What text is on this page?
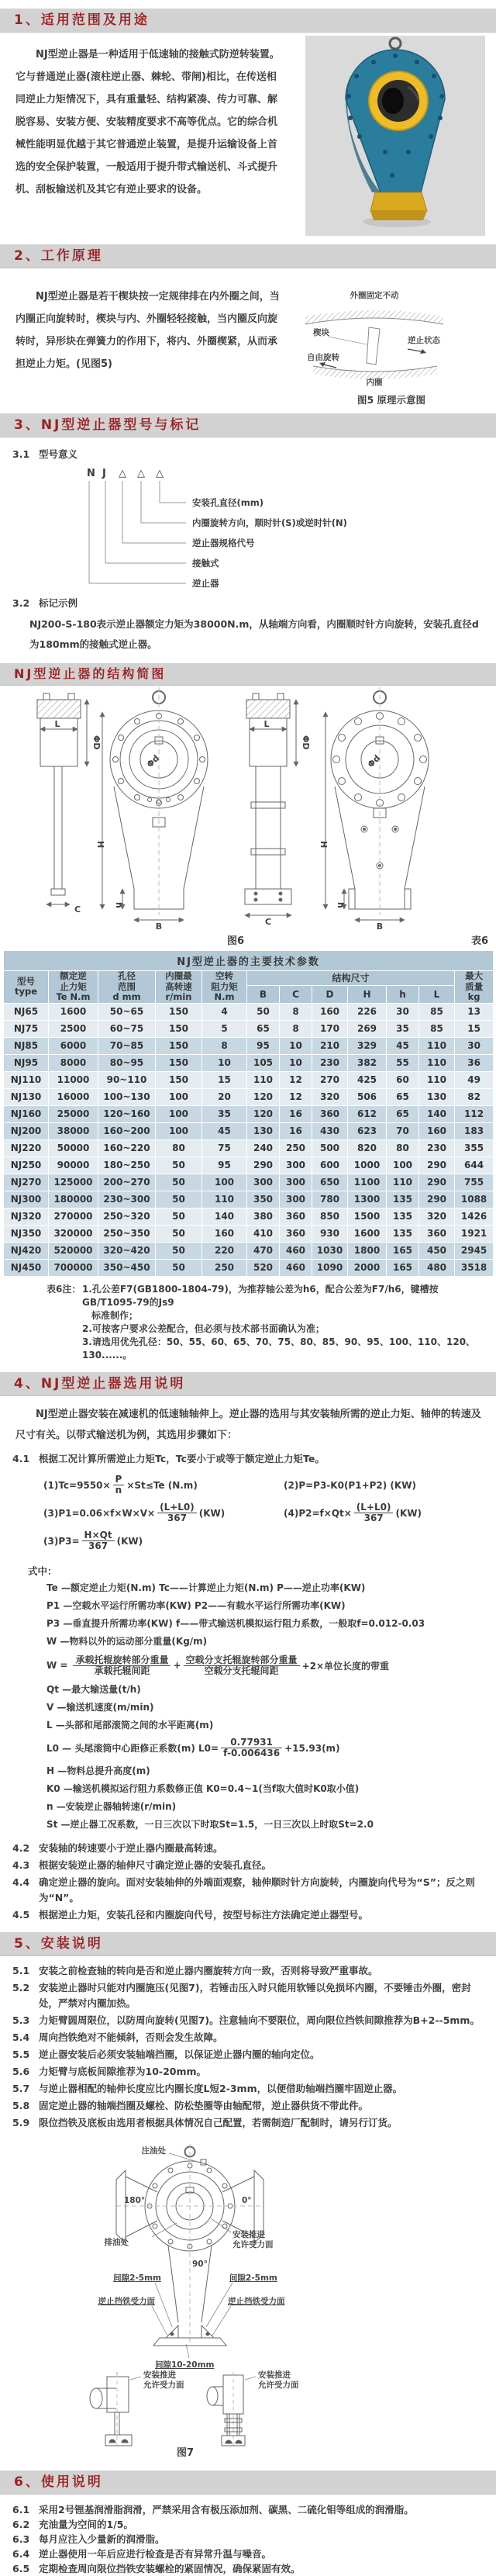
1、适用范围及用途
NJ型逆止器是一种适用于低速轴的接触式防逆转装置。它与普通逆止器(滚柱逆止器、棘轮、带闸)相比，在传送相同逆止力矩情况下，具有重量轻、结构紧凑、传力可靠、解脱容易、安装方便、安装精度要求不高等优点。它的综合机械性能明显优越于其它普通逆止装置，是提升运输设备上首选的安全保护装置，一般适用于提升带式输送机、斗式提升机、刮板输送机及其它有逆止要求的设备。
2、工作原理
NJ型逆止器是若干楔块按一定规律排在内外圈之间，当内圈正向旋转时，楔块与内、外圈轻轻接触，当内圈反向旋转时，异形块在弹簧力的作用下，将内、外圈楔紧，从而承担逆止力矩。(见图5)
外圈固定不动
楔块
自由旋转
逆止状态
内圈
图5 原理示意图
3、NJ型逆止器型号与标记
3.1 型号意义
N J △ △ △
安装孔直径(mm)
内圈旋转方向，顺时针(S)或逆时针(N)
逆止器规格代号
接触式
逆止器
3.2 标记示例
NJ200-S-180表示逆止器额定力矩为38000N.m，从轴端方向看，内圈顺时针方向旋转，安装孔直径d为180mm的接触式逆止器。
NJ型逆止器的结构简图
L
ΦD
C
Φd
H
h
B
L
ΦD
C
Φd
H
h
B
图6	表6
NJ型逆止器的主要技术参数											

型号
type	额定逆
止力矩
Te N.m	孔径
范围
d mm	内圈最
高转速
r/min	空转
阻力矩
N.m	结构尺寸						最大
质量
kg

					B	C	D	H	h	L	
NJ65	1600	50~65	150	4	50	8	160	226	30	85	13
NJ75	2500	60~75	150	5	65	8	170	269	35	85	15
NJ85	6000	70~85	150	8	95	10	210	329	45	110	30
NJ95	8000	80~95	150	10	105	10	230	382	55	110	36
NJ110	11000	90~110	150	15	110	12	270	425	60	110	49
NJ130	16000	100~130	100	20	120	12	320	506	65	130	82
NJ160	25000	120~160	100	35	120	16	360	612	65	140	112
NJ200	38000	160~200	100	45	130	16	430	623	70	160	183
NJ220	50000	160~220	80	75	240	250	500	820	80	230	355
NJ250	90000	180~250	50	95	290	300	600	1000	100	290	644
NJ270	125000	200~270	50	100	300	300	650	1100	110	290	755
NJ300	180000	230~300	50	110	350	300	780	1300	135	290	1088
NJ320	270000	250~320	50	140	380	360	850	1500	135	320	1426
NJ350	320000	250~350	50	160	410	360	930	1600	135	360	1921
NJ420	520000	320~420	50	220	470	460	1030	1800	165	450	2945
NJ450	700000	350~450	50	250	520	460	1090	2000	165	480	3518
表6注： 1.孔公差F7(GB1800-1804-79)，为推荐轴公差为h6，配合公差为F7/h6，键槽按GB/T1095-79的Js9
标准制作；
2.可按客户要求公差配合，但必须与技术部书面确认为准；
3.请选用优先孔径：50、55、60、65、70、75、80、85、90、95、100、110、120、130......。
4、NJ型逆止器选用说明
NJ型逆止器安装在减速机的低速轴轴伸上。逆止器的选用与其安装轴所需的逆止力矩、轴伸的转速及尺寸有关。以带式输送机为例，其选用步骤如下：
4.1 根据工况计算所需逆止力矩Tc，Tc要小于或等于额定逆止力矩Te。
$(1)Tc=9550\times \frac{P}{n} \times St\le Te$ (N.m)	(2)P=P3-K0(P1+P2) (KW)
$(3)P1=0.06\times f\times W\times V\times \frac{(L+L0)}{367} (KW)$	$(4)P2=f\times Qt\times \frac{(L+L0)}{367} (KW)$
$(3)P3= \frac{H\times Qt}{367} (KW)$
式中：
Te —额定逆止力矩(N.m) Tc——计算逆止力矩(N.m) P——逆止功率(KW)
P1 —空载水平运行所需功率(KW) P2——有载水平运行所需功率(KW)
P3 —垂直提升所需功率(KW) f——带式输送机模拟运行阻力系数，一般取f=0.012-0.03
W —物料以外的运动部分重量(Kg/m)
$W = \frac{\text{承载托辊旋转部分重量}}{\text{承载托辊间距}} + \frac{\text{空载分支托辊旋转部分重量}}{\text{空载分支托辊间距}} +2\times$单位长度的带重
Qt —最大输送量(t/h)
V —输送机速度(m/min)
L —头部和尾部滚筒之间的水平距离(m)
L0 — 头尾滚筒中心距修正系数(m) $L0= \frac{0.77931}{f-0.006436} +15.93(m)$
H —物料总提升高度(m)
K0 —输送机模拟运行阻力系数修正值 K0=0.4~1(当f取大值时K0取小值)
n —安装逆止器轴转速(r/min)
St —逆止器工况系数，一日三次以下时取St=1.5，一日三次以上时取St=2.0
4.2 安装轴的转速要小于逆止器内圈最高转速。
4.3 根据安装逆止器的轴伸尺寸确定逆止器的安装孔直径。
4.4 确定逆止器的旋向。面对安装轴伸的外端面观察，轴伸顺时针方向旋转，内圈旋向代号为“S”；反之则为“N”。
4.5 根据逆止力矩，安装孔径和内圈旋向代号，按型号标注方法确定逆止器型号。
5、安装说明
5.1 安装之前检查轴的转向是否和逆止器内圈旋转方向一致，否则将导致严重事故。
5.2 安装逆止器时只能对内圈施压(见图7)，若锤击压入时只能用软锤以免损坏内圈，不要锤击外圈，密封处，严禁对内圈加热。
5.3 力矩臂圆周限位，以防周向旋转(见图7)。注意轴向不要限位，周向限位挡铁间隙推荐为B+2--5mm。
5.4 周向挡铁绝对不能倾斜，否则会发生故障。
5.5 逆止器安装后必须安装轴端挡圈，以保证逆止器内圈的轴向定位。
5.6 力矩臂与底板间隙推荐为10-20mm。
5.7 与逆止器相配的轴伸长度应比内圈长度L短2-3mm，以便借助轴端挡圈牢固逆止器。
5.8 固定逆止器的轴端挡圈及螺栓、防松垫圈等由轴配带，逆止器供货不带此件。
5.9 限位挡铁及底板由选用者根据具体情况自己配置，若需制造厂配制时，请另行订货。
注油处
180°	0°
90°
排油处
安装推进
允许受力面
间隙2-5mm	间隙2-5mm
逆止挡铁受力面	逆止挡铁受力面
间隙10-20mm
安装推进
允许受力面
安装推进
允许受力面
图7
6、使用说明
6.1 采用2号锂基润滑脂润滑，严禁采用含有极压添加剂、碳黑、二硫化钼等组成的润滑脂。
6.2 充油量为空间的1/5。
6.3 每月应注入少量新的润滑脂。
6.4 逆止器使用一年后应进行检查是否有异常升温与噪音。
6.5 定期检查周向限位挡铁安装螺栓的紧固情况，确保紧固有效。
